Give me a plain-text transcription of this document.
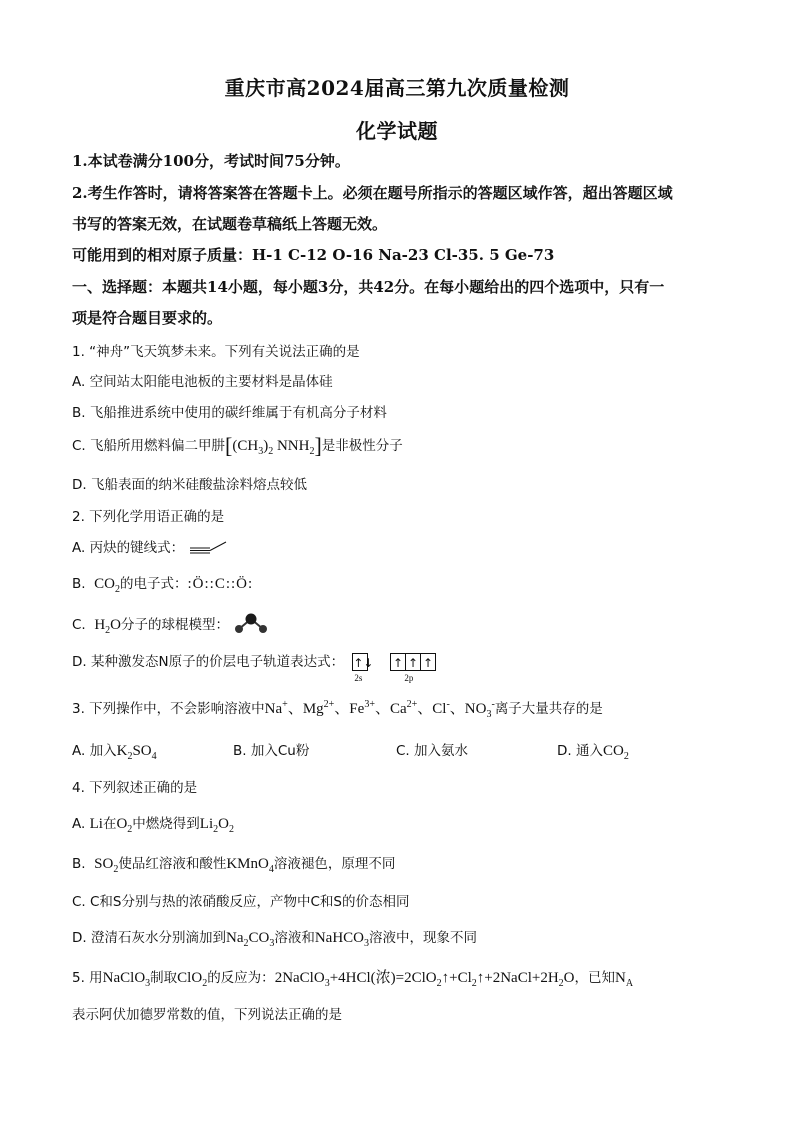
重庆市高2024届高三第九次质量检测
化学试题
1.本试卷满分100分，考试时间75分钟。
2.考生作答时，请将答案答在答题卡上。必须在题号所指示的答题区域作答，超出答题区域
书写的答案无效，在试题卷草稿纸上答题无效。
可能用到的相对原子质量：H-1 C-12 O-16 Na-23 Cl-35. 5 Ge-73
一、选择题：本题共14小题，每小题3分，共42分。在每小题给出的四个选项中，只有一
项是符合题目要求的。
1. “神舟”飞天筑梦未来。下列有关说法正确的是
A. 空间站太阳能电池板的主要材料是晶体硅
B. 飞船推进系统中使用的碳纤维属于有机高分子材料
C. 飞船所用燃料偏二甲肼[$(CH_3)_2$ $NNH_2$]是非极性分子
D. 飞船表面的纳米硅酸盐涂料熔点较低
2. 下列化学用语正确的是
A. 丙炔的键线式：
B.  $CO_2$的电子式：:Ö::C::Ö:
C.  $H_2O$分子的球棍模型：
D. 某种激发态N原子的价层电子轨道表达式： ↑↓
2s
↑ ↑ ↑
2p
3. 下列操作中，不会影响溶液中Na+、$Mg^{2+}$、$Fe^{3+}$、$Ca^{2+}$、Cl-、$NO_3^-$离子大量共存的是
A. 加入$K_2SO_4$	B. 加入Cu粉	C. 加入氨水	D. 通入$CO_2$
4. 下列叙述正确的是
A. Li在$O_2$中燃烧得到$Li_2O_2$
B.  $SO_2$使品红溶液和酸性KMnO$_4$溶液褪色，原理不同
C. C和S分别与热的浓硝酸反应，产物中C和S的价态相同
D. 澄清石灰水分别滴加到$Na_2CO_3$溶液和NaHCO$_3$溶液中，现象不同
5. 用NaClO$_3$制取ClO$_2$的反应为：2NaClO$_3$+4HCl(浓)$=2ClO_2↑+Cl_2↑+2NaCl+2H_2O$，已知$N_A$
表示阿伏加德罗常数的值，下列说法正确的是
